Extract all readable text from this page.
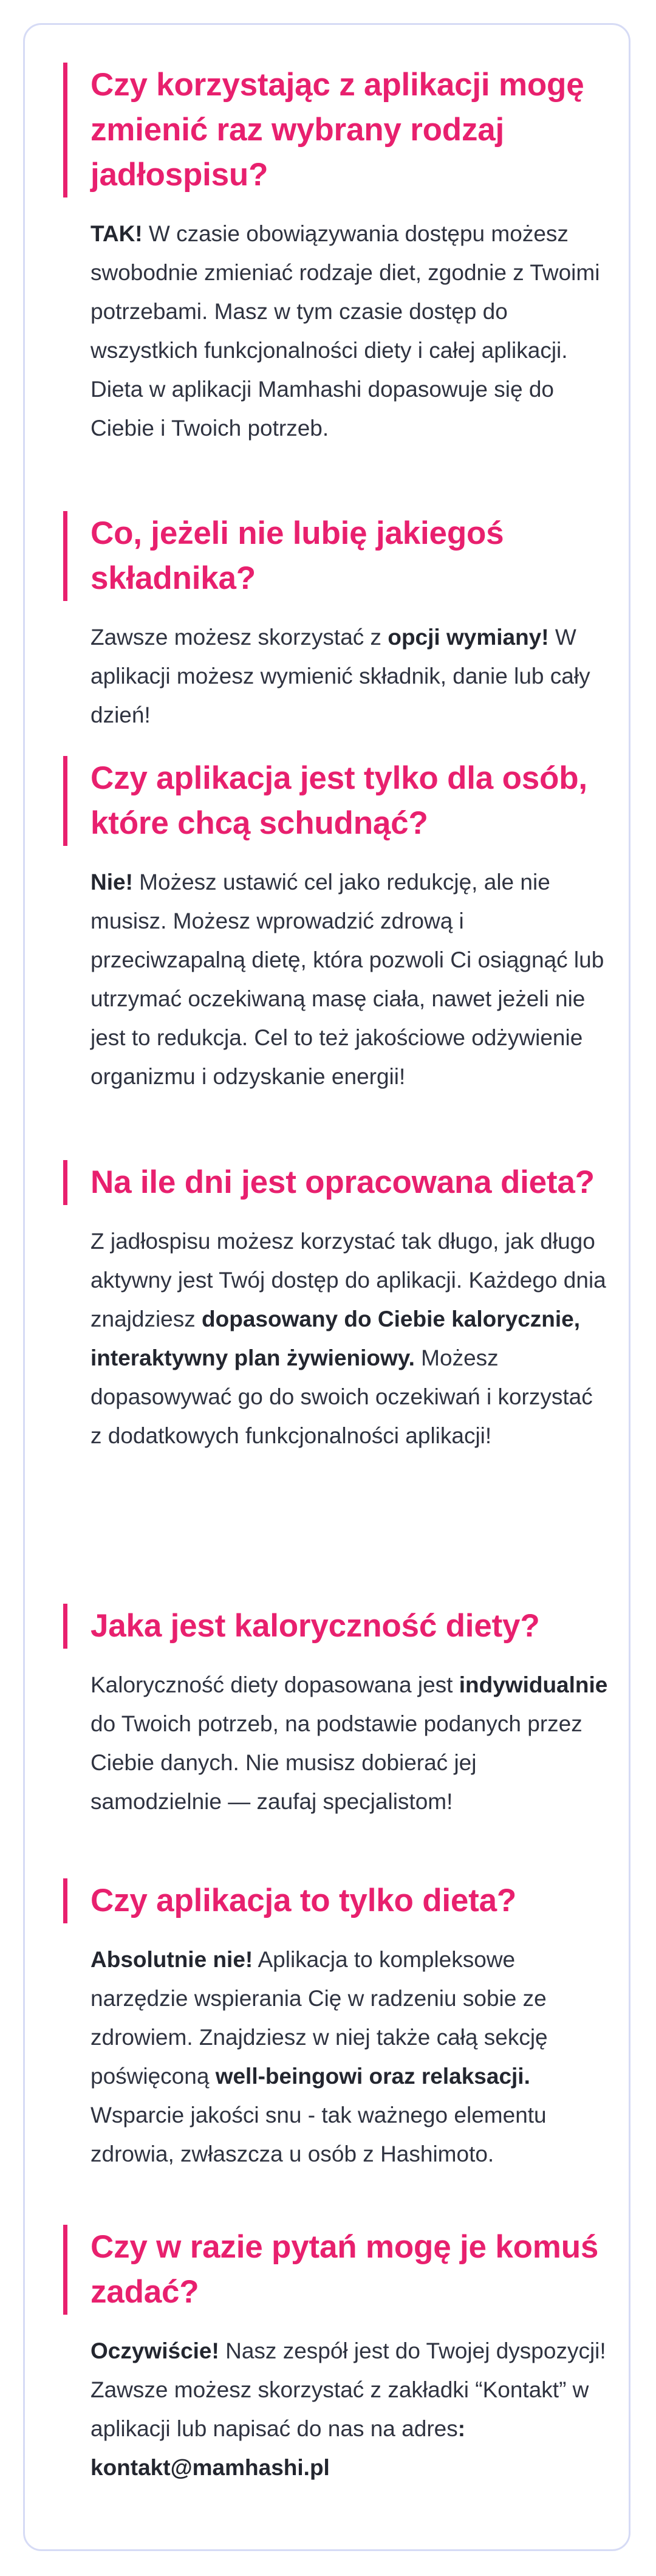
Czy korzystając z aplikacji mogę zmienić raz wybrany rodzaj jadłospisu?

TAK! W czasie obowiązywania dostępu możesz swobodnie zmieniać rodzaje diet, zgodnie z Twoimi potrzebami. Masz w tym czasie dostęp do wszystkich funkcjonalności diety i całej aplikacji. Dieta w aplikacji Mamhashi dopasowuje się do Ciebie i Twoich potrzeb.

Co, jeżeli nie lubię jakiegoś składnika?

Zawsze możesz skorzystać z opcji wymiany! W aplikacji możesz wymienić składnik, danie lub cały dzień!

Czy aplikacja jest tylko dla osób, które chcą schudnąć?

Nie! Możesz ustawić cel jako redukcję, ale nie musisz. Możesz wprowadzić zdrową i przeciwzapalną dietę, która pozwoli Ci osiągnąć lub utrzymać oczekiwaną masę ciała, nawet jeżeli nie jest to redukcja. Cel to też jakościowe odżywienie organizmu i odzyskanie energii!

Na ile dni jest opracowana dieta?

Z jadłospisu możesz korzystać tak długo, jak długo aktywny jest Twój dostęp do aplikacji. Każdego dnia znajdziesz dopasowany do Ciebie kalorycznie, interaktywny plan żywieniowy. Możesz dopasowywać go do swoich oczekiwań i korzystać z dodatkowych funkcjonalności aplikacji!

Jaka jest kaloryczność diety?

Kaloryczność diety dopasowana jest indywidualnie do Twoich potrzeb, na podstawie podanych przez Ciebie danych. Nie musisz dobierać jej samodzielnie — zaufaj specjalistom!

Czy aplikacja to tylko dieta?

Absolutnie nie! Aplikacja to kompleksowe narzędzie wspierania Cię w radzeniu sobie ze zdrowiem. Znajdziesz w niej także całą sekcję poświęconą well-beingowi oraz relaksacji. Wsparcie jakości snu - tak ważnego elementu zdrowia, zwłaszcza u osób z Hashimoto.

Czy w razie pytań mogę je komuś zadać?

Oczywiście! Nasz zespół jest do Twojej dyspozycji! Zawsze możesz skorzystać z zakładki “Kontakt” w aplikacji lub napisać do nas na adres: kontakt@mamhashi.pl
